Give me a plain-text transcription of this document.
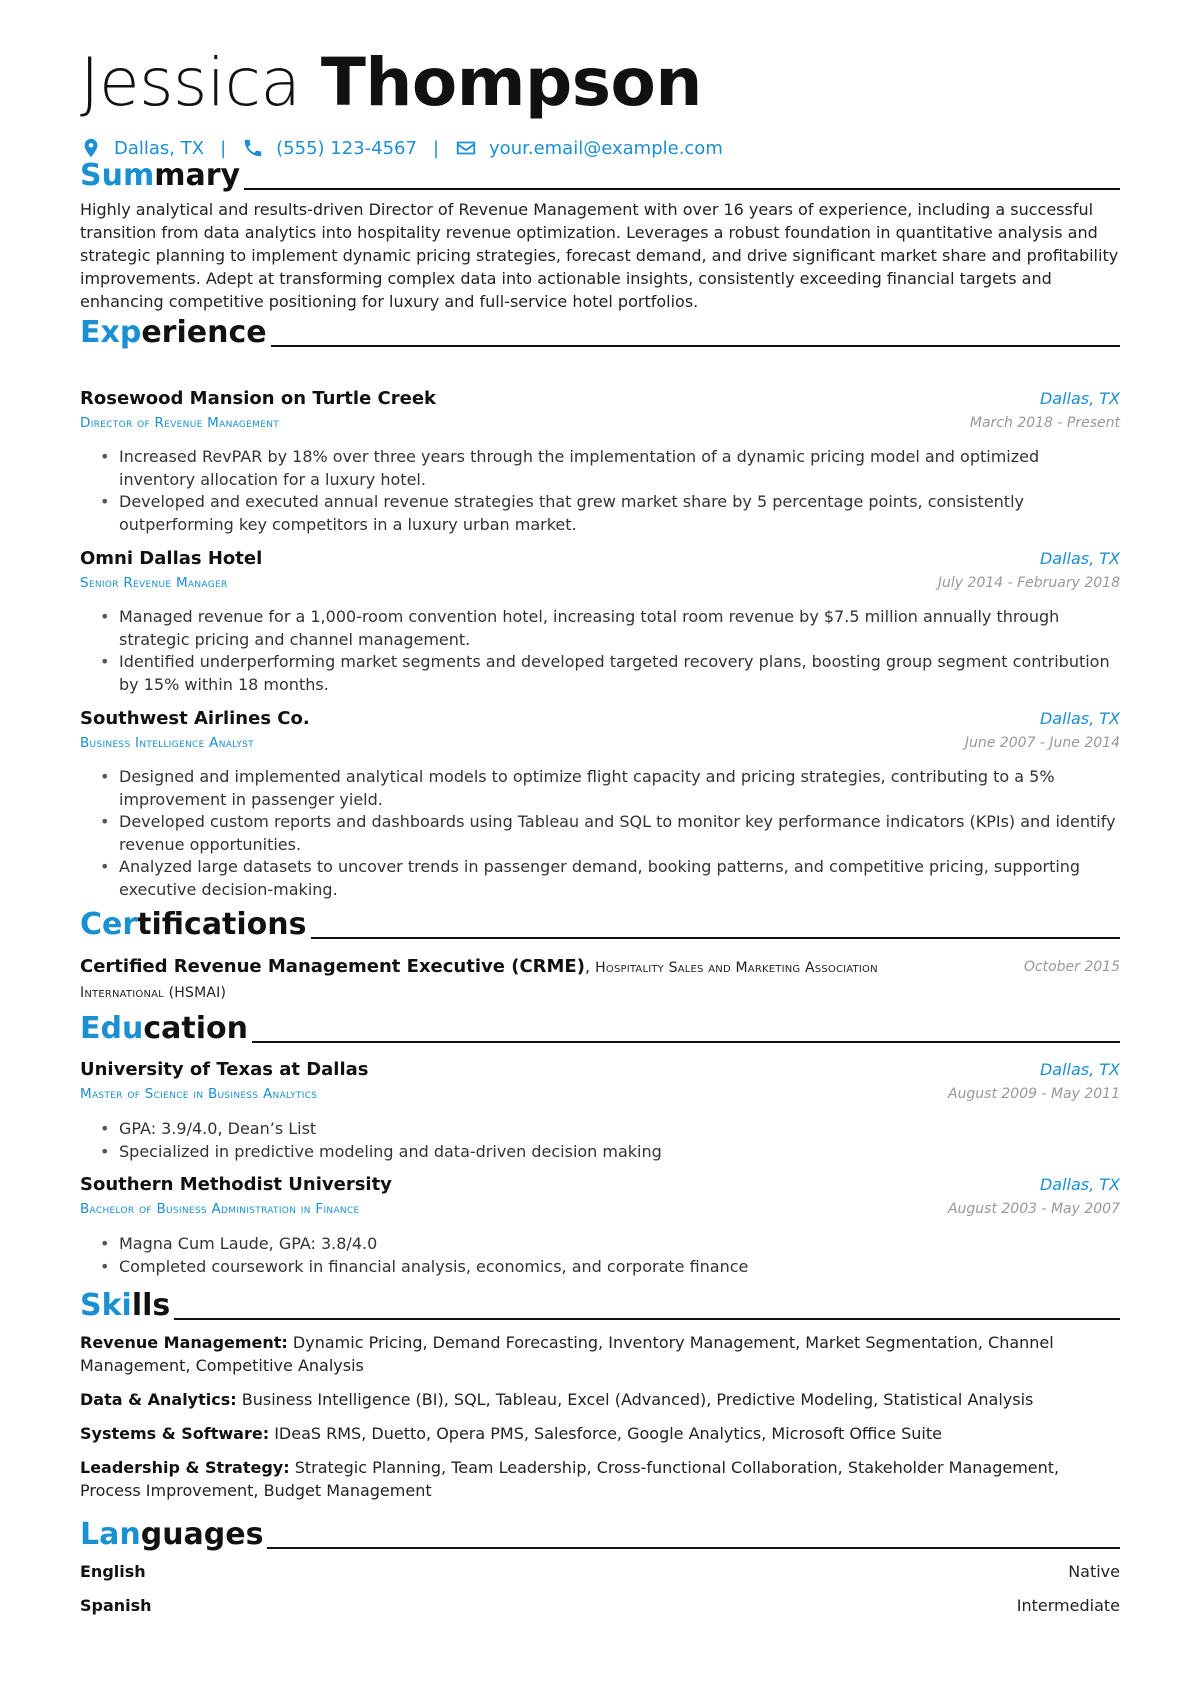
Jessica Thompson
Dallas, TX |	(555) 123-4567 |	your.email@example.com
Summary
Highly analytical and results-driven Director of Revenue Management with over 16 years of experience, including a successful transition from data analytics into hospitality revenue optimization. Leverages a robust foundation in quantitative analysis and strategic planning to implement dynamic pricing strategies, forecast demand, and drive significant market share and profitability improvements. Adept at transforming complex data into actionable insights, consistently exceeding financial targets and enhancing competitive positioning for luxury and full-service hotel portfolios.
Experience
Rosewood Mansion on Turtle Creek	Dallas, TX
Director of Revenue Management	March 2018 - Present
• Increased RevPAR by 18% over three years through the implementation of a dynamic pricing model and optimized inventory allocation for a luxury hotel.
• Developed and executed annual revenue strategies that grew market share by 5 percentage points, consistently outperforming key competitors in a luxury urban market.
Omni Dallas Hotel	Dallas, TX
Senior Revenue Manager	July 2014 - February 2018
• Managed revenue for a 1,000-room convention hotel, increasing total room revenue by $7.5 million annually through strategic pricing and channel management.
• Identified underperforming market segments and developed targeted recovery plans, boosting group segment contribution by 15% within 18 months.
Southwest Airlines Co.	Dallas, TX
Business Intelligence Analyst	June 2007 - June 2014
• Designed and implemented analytical models to optimize flight capacity and pricing strategies, contributing to a 5% improvement in passenger yield.
• Developed custom reports and dashboards using Tableau and SQL to monitor key performance indicators (KPIs) and identify revenue opportunities.
• Analyzed large datasets to uncover trends in passenger demand, booking patterns, and competitive pricing, supporting executive decision-making.
Certifications
Certified Revenue Management Executive (CRME), Hospitality Sales and Marketing Association International (HSMAI)
October 2015
Education
University of Texas at Dallas	Dallas, TX
Master of Science in Business Analytics	August 2009 - May 2011
• GPA: 3.9/4.0, Dean’s List
• Specialized in predictive modeling and data-driven decision making
Southern Methodist University	Dallas, TX
Bachelor of Business Administration in Finance	August 2003 - May 2007
• Magna Cum Laude, GPA: 3.8/4.0
• Completed coursework in financial analysis, economics, and corporate finance
Skills
Revenue Management: Dynamic Pricing, Demand Forecasting, Inventory Management, Market Segmentation, Channel Management, Competitive Analysis
Data & Analytics: Business Intelligence (BI), SQL, Tableau, Excel (Advanced), Predictive Modeling, Statistical Analysis
Systems & Software: IDeaS RMS, Duetto, Opera PMS, Salesforce, Google Analytics, Microsoft Office Suite
Leadership & Strategy: Strategic Planning, Team Leadership, Cross-functional Collaboration, Stakeholder Management, Process Improvement, Budget Management
Languages
English	Native
Spanish	Intermediate
